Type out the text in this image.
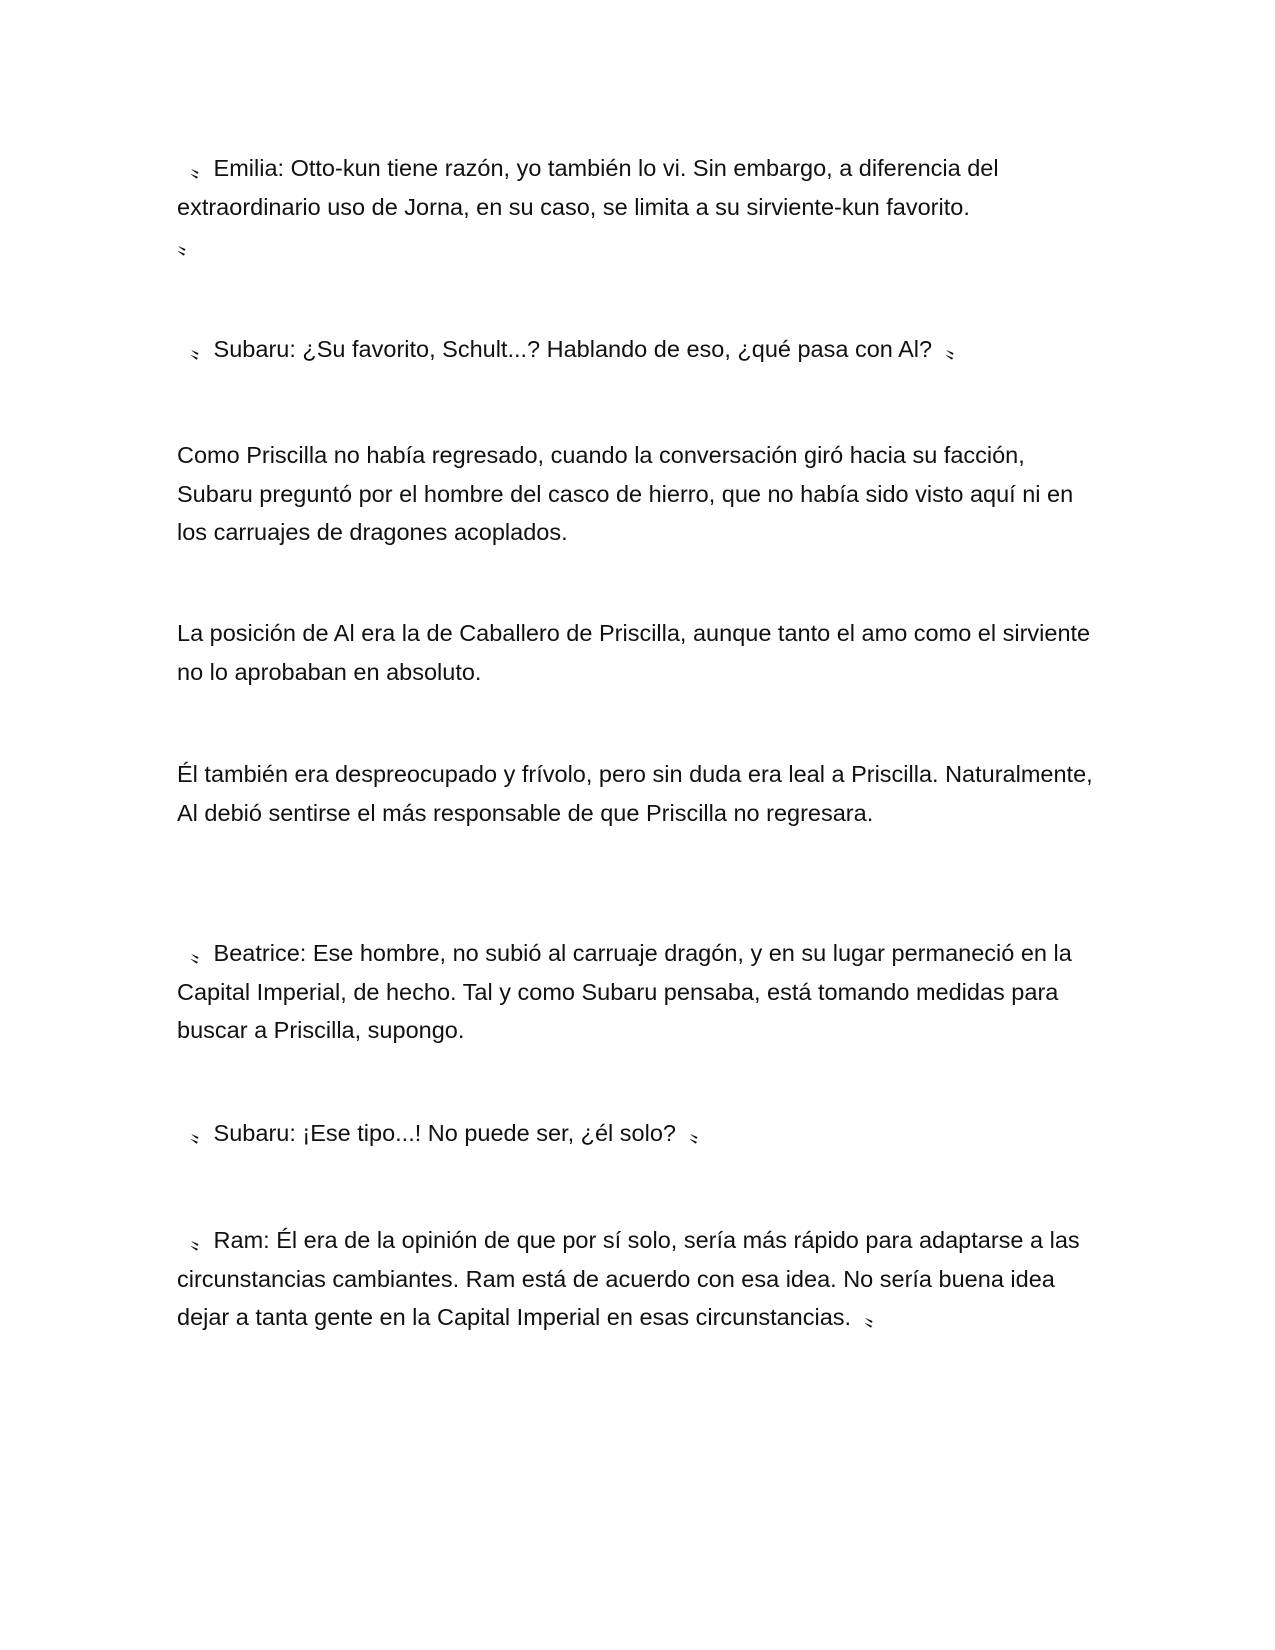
〟Emilia: Otto-kun tiene razón, yo también lo vi. Sin embargo, a diferencia del extraordinario uso de Jorna, en su caso, se limita a su sirviente-kun favorito.
〟

〟Subaru: ¿Su favorito, Schult...? Hablando de eso, ¿qué pasa con Al?  〟

Como Priscilla no había regresado, cuando la conversación giró hacia su facción, Subaru preguntó por el hombre del casco de hierro, que no había sido visto aquí ni en los carruajes de dragones acoplados.

La posición de Al era la de Caballero de Priscilla, aunque tanto el amo como el sirviente no lo aprobaban en absoluto.

Él también era despreocupado y frívolo, pero sin duda era leal a Priscilla. Naturalmente, Al debió sentirse el más responsable de que Priscilla no regresara.

〟Beatrice: Ese hombre, no subió al carruaje dragón, y en su lugar permaneció en la Capital Imperial, de hecho. Tal y como Subaru pensaba, está tomando medidas para buscar a Priscilla, supongo.

〟Subaru: ¡Ese tipo...! No puede ser, ¿él solo?  〟

〟Ram: Él era de la opinión de que por sí solo, sería más rápido para adaptarse a las circunstancias cambiantes. Ram está de acuerdo con esa idea. No sería buena idea dejar a tanta gente en la Capital Imperial en esas circunstancias.  〟
